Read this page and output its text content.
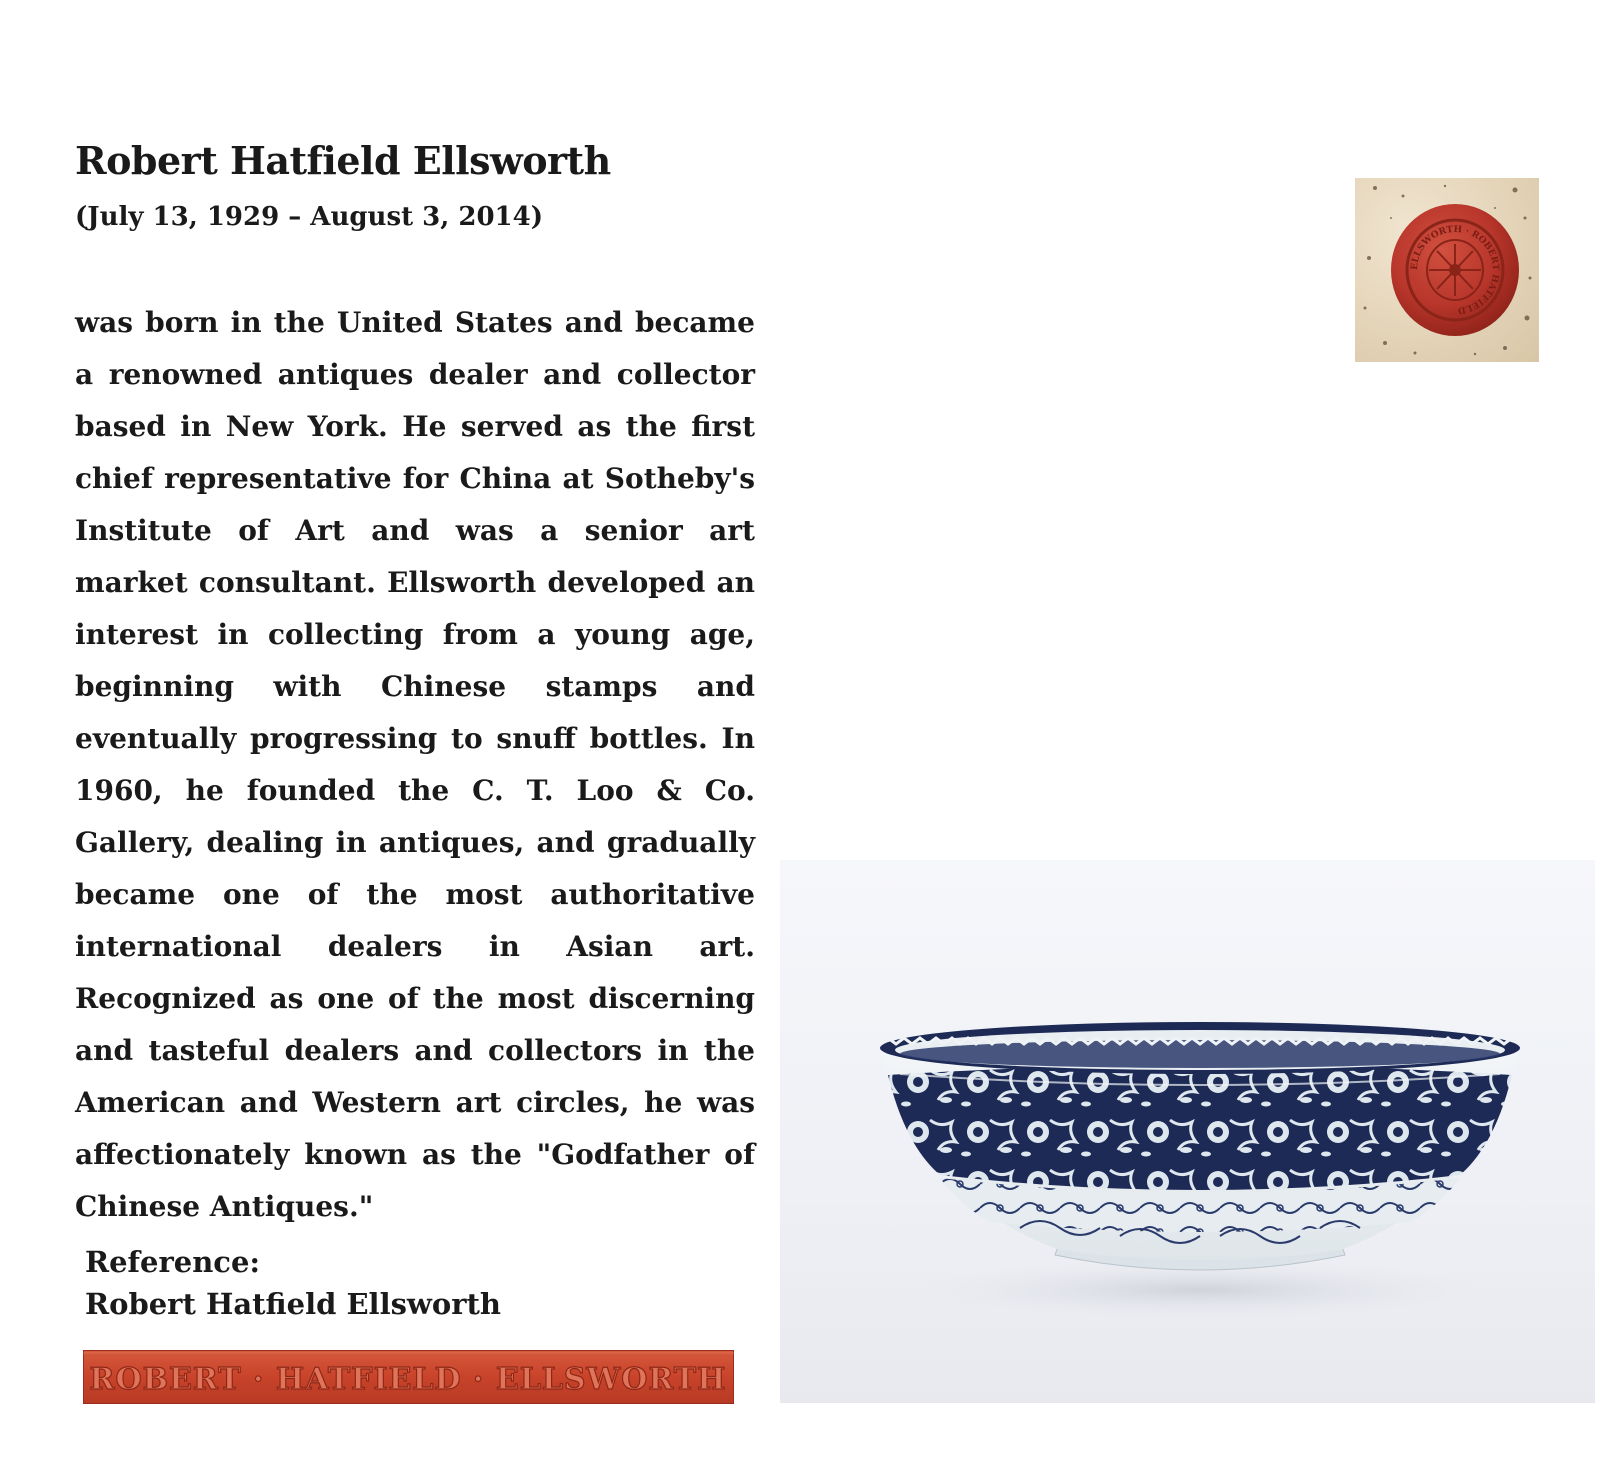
Robert Hatfield Ellsworth

(July 13, 1929 – August 3, 2014)

was born in the United States and became a renowned antiques dealer and collector based in New York. He served as the first chief representative for China at Sotheby's Institute of Art and was a senior art market consultant. Ellsworth developed an interest in collecting from a young age, beginning with Chinese stamps and eventually progressing to snuff bottles. In 1960, he founded the C. T. Loo & Co. Gallery, dealing in antiques, and gradually became one of the most authoritative international dealers in Asian art. Recognized as one of the most discerning and tasteful dealers and collectors in the American and Western art circles, he was affectionately known as the "Godfather of Chinese Antiques."

Reference:

Robert Hatfield Ellsworth

ELLSWORTH · ROBERT HATFIELD
ROBERT · HATFIELD · ELLSWORTH
